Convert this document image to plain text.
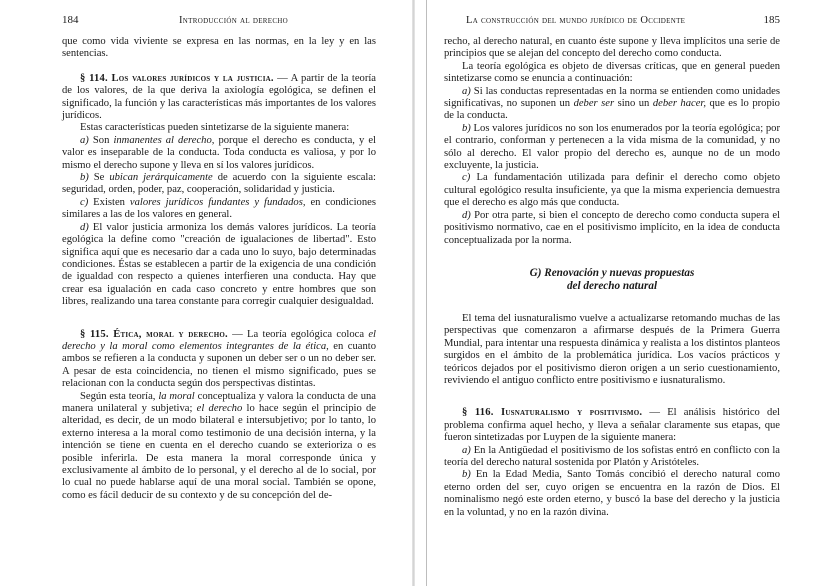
184	Introducción al derecho

que como vida viviente se expresa en las normas, en la ley y en las sentencias.

§ 114. Los valores jurídicos y la justicia. — A partir de la teoría de los valores, de la que deriva la axiología egológica, se definen el significado, la función y las características más importantes de los valores jurídicos.

Estas características pueden sintetizarse de la siguiente manera:

a) Son inmanentes al derecho, porque el derecho es conducta, y el valor es inseparable de la conducta. Toda conducta es valiosa, y por lo mismo el derecho supone y lleva en sí los valores jurídicos.

b) Se ubican jerárquicamente de acuerdo con la siguiente escala: seguridad, orden, poder, paz, cooperación, solidaridad y justicia.

c) Existen valores jurídicos fundantes y fundados, en condiciones similares a las de los valores en general.

d) El valor justicia armoniza los demás valores jurídicos. La teoría egológica la define como "creación de igualaciones de libertad". Esto significa aquí que es necesario dar a cada uno lo suyo, bajo determinadas condiciones. Éstas se establecen a partir de la exigencia de una condición de igualdad con respecto a quienes interfieren una conducta. Hay que crear esa igualación en cada caso concreto y entre hombres que son libres, realizando una tarea constante para corregir cualquier desigualdad.

§ 115. Ética, moral y derecho. — La teoría egológica coloca el derecho y la moral como elementos integrantes de la ética, en cuanto ambos se refieren a la conducta y suponen un deber ser o un no deber ser. A pesar de esta coincidencia, no tienen el mismo significado, pues se relacionan con la conducta según dos perspectivas distintas.

Según esta teoría, la moral conceptualiza y valora la conducta de una manera unilateral y subjetiva; el derecho lo hace según el principio de alteridad, es decir, de un modo bilateral e intersubjetivo; por lo tanto, lo externo interesa a la moral como testimonio de una decisión interna, y la intención se tiene en cuenta en el derecho cuando se exterioriza o es posible inferirla. De esta manera la moral corresponde única y exclusivamente al ámbito de lo personal, y el derecho al de lo social, por lo cual no puede hablarse aquí de una moral social. También se opone, como es fácil deducir de su contexto y de su concepción del de-

La construcción del mundo jurídico de Occidente	185

recho, al derecho natural, en cuanto éste supone y lleva implícitos una serie de principios que se alejan del concepto del derecho como conducta.

La teoría egológica es objeto de diversas críticas, que en general pueden sintetizarse como se enuncia a continuación:

a) Si las conductas representadas en la norma se entienden como unidades significativas, no suponen un deber ser sino un deber hacer, que es lo propio de la conducta.

b) Los valores jurídicos no son los enumerados por la teoría egológica; por el contrario, conforman y pertenecen a la vida misma de la comunidad, y no sólo al derecho. El valor propio del derecho es, aunque no de un modo excluyente, la justicia.

c) La fundamentación utilizada para definir el derecho como objeto cultural egológico resulta insuficiente, ya que la misma experiencia demuestra que el derecho es algo más que conducta.

d) Por otra parte, si bien el concepto de derecho como conducta supera el positivismo normativo, cae en el positivismo implícito, en la idea de conducta conceptualizada por la norma.

G) Renovación y nuevas propuestas
del derecho natural

El tema del iusnaturalismo vuelve a actualizarse retomando muchas de las perspectivas que comenzaron a afirmarse después de la Primera Guerra Mundial, para intentar una respuesta dinámica y realista a los distintos planteos surgidos en el ámbito de la problemática jurídica. Los vacíos prácticos y teóricos dejados por el positivismo dieron origen a un serio cuestionamiento, reviviendo el antiguo conflicto entre positivismo e iusnaturalismo.

§ 116. Iusnaturalismo y positivismo. — El análisis histórico del problema confirma aquel hecho, y lleva a señalar claramente sus etapas, que fueron sintetizadas por Luypen de la siguiente manera:

a) En la Antigüedad el positivismo de los sofistas entró en conflicto con la teoría del derecho natural sostenida por Platón y Aristóteles.

b) En la Edad Media, Santo Tomás concibió el derecho natural como eterno orden del ser, cuyo origen se encuentra en la razón de Dios. El nominalismo negó este orden eterno, y buscó la base del derecho y la justicia en la voluntad, y no en la razón divina.
